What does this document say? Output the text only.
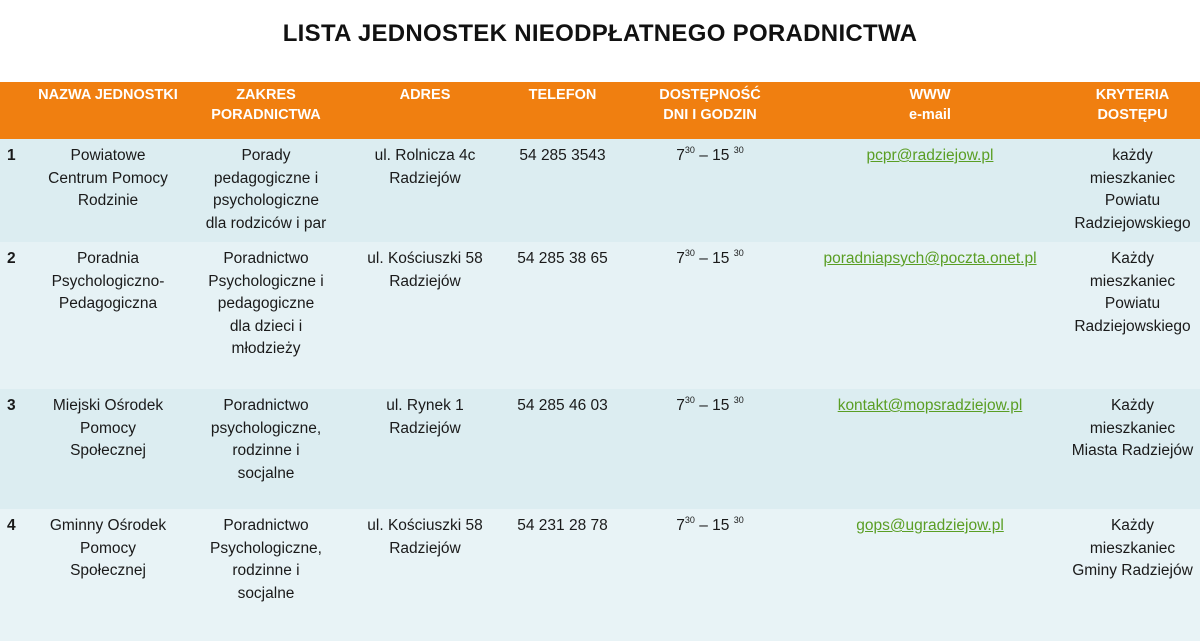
LISTA JEDNOSTEK NIEODPŁATNEGO PORADNICTWA

	NAZWA JEDNOSTKI	ZAKRES
PORADNICTWA	ADRES	TELEFON	DOSTĘPNOŚĆ
DNI I GODZIN	WWW
e-mail	KRYTERIA
DOSTĘPU

1	Powiatowe
Centrum Pomocy
Rodzinie	Porady
pedagogiczne i
psychologiczne
dla rodziców i par	ul. Rolnicza 4c
Radziejów	54 285 3543	$7^{30} - 15$ $^{30}$	pcpr@radziejow.pl	każdy
mieszkaniec
Powiatu
Radziejowskiego

2	Poradnia
Psychologiczno-
Pedagogiczna	Poradnictwo
Psychologiczne i
pedagogiczne
dla dzieci i
młodzieży	ul. Kościuszki 58
Radziejów	54 285 38 65	$7^{30} - 15$ $^{30}$	poradniapsych@poczta.onet.pl	Każdy
mieszkaniec
Powiatu
Radziejowskiego

3	Miejski Ośrodek
Pomocy
Społecznej	Poradnictwo
psychologiczne,
rodzinne i
socjalne	ul. Rynek 1
Radziejów	54 285 46 03	$7^{30} - 15$ $^{30}$	kontakt@mopsradziejow.pl	Każdy
mieszkaniec
Miasta Radziejów

4	Gminny Ośrodek
Pomocy
Społecznej	Poradnictwo
Psychologiczne,
rodzinne i
socjalne	ul. Kościuszki 58
Radziejów	54 231 28 78	$7^{30} - 15$ $^{30}$	gops@ugradziejow.pl	Każdy
mieszkaniec
Gminy Radziejów
